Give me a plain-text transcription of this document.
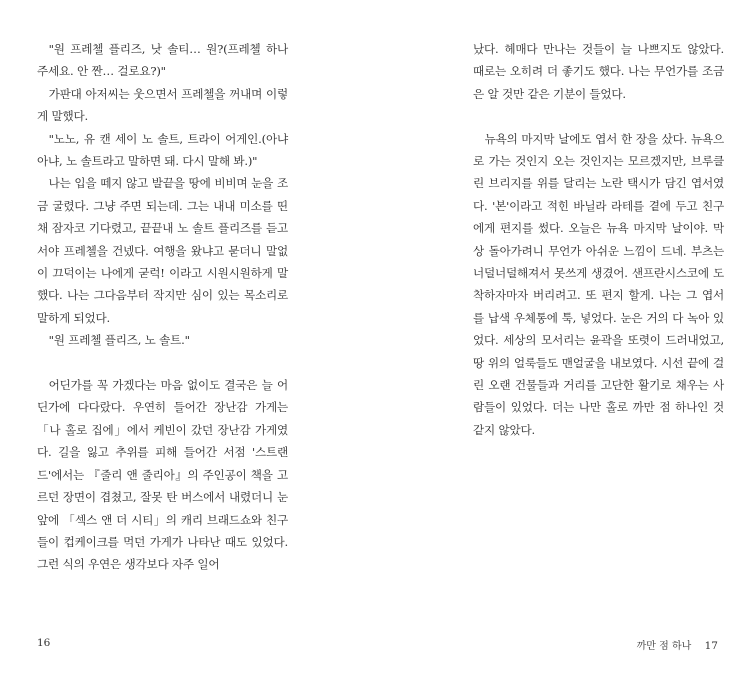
"원 프레첼 플리즈, 낫 솔티… 원?(프레첼 하나 주세요. 안 짠… 걸로요?)"

가판대 아저씨는 웃으면서 프레첼을 꺼내며 이렇게 말했다.

"노노, 유 캔 세이 노 솔트, 트라이 어게인.(아냐 아냐, 노 솔트라고 말하면 돼. 다시 말해 봐.)"

나는 입을 떼지 않고 발끝을 땅에 비비며 눈을 조금 굴렸다. 그냥 주면 되는데. 그는 내내 미소를 띤 채 잠자코 기다렸고, 끝끝내 노 솔트 플리즈를 듣고서야 프레첼을 건넸다. 여행을 왔냐고 묻더니 말없이 끄덕이는 나에게 굳럭! 이라고 시원시원하게 말했다. 나는 그다음부터 작지만 심이 있는 목소리로 말하게 되었다.

"원 프레첼 플리즈, 노 솔트."

어딘가를 꼭 가겠다는 마음 없이도 결국은 늘 어딘가에 다다랐다. 우연히 들어간 장난감 가게는 「나 홀로 집에」에서 케빈이 갔던 장난감 가게였다. 길을 잃고 추위를 피해 들어간 서점 '스트랜드'에서는 『줄리 앤 줄리아』의 주인공이 책을 고르던 장면이 겹쳤고, 잘못 탄 버스에서 내렸더니 눈앞에 「섹스 앤 더 시티」의 캐리 브래드쇼와 친구들이 컵케이크를 먹던 가게가 나타난 때도 있었다. 그런 식의 우연은 생각보다 자주 일어

났다. 헤매다 만나는 것들이 늘 나쁘지도 않았다. 때로는 오히려 더 좋기도 했다. 나는 무언가를 조금은 알 것만 같은 기분이 들었다.

뉴욕의 마지막 날에도 엽서 한 장을 샀다. 뉴욕으로 가는 것인지 오는 것인지는 모르겠지만, 브루클린 브리지를 위를 달리는 노란 택시가 담긴 엽서였다. '본'이라고 적힌 바닐라 라테를 곁에 두고 친구에게 편지를 썼다. 오늘은 뉴욕 마지막 날이야. 막상 돌아가려니 무언가 아쉬운 느낌이 드네. 부츠는 너덜너덜해져서 못쓰게 생겼어. 샌프란시스코에 도착하자마자 버리려고. 또 편지 할게. 나는 그 엽서를 납색 우체통에 툭, 넣었다. 눈은 거의 다 녹아 있었다. 세상의 모서리는 윤곽을 또렷이 드러내었고, 땅 위의 얼룩들도 맨얼굴을 내보였다. 시선 끝에 걸린 오랜 건물들과 거리를 고단한 활기로 채우는 사람들이 있었다. 더는 나만 홀로 까만 점 하나인 것 같지 않았다.

16	까만 점 하나 17
